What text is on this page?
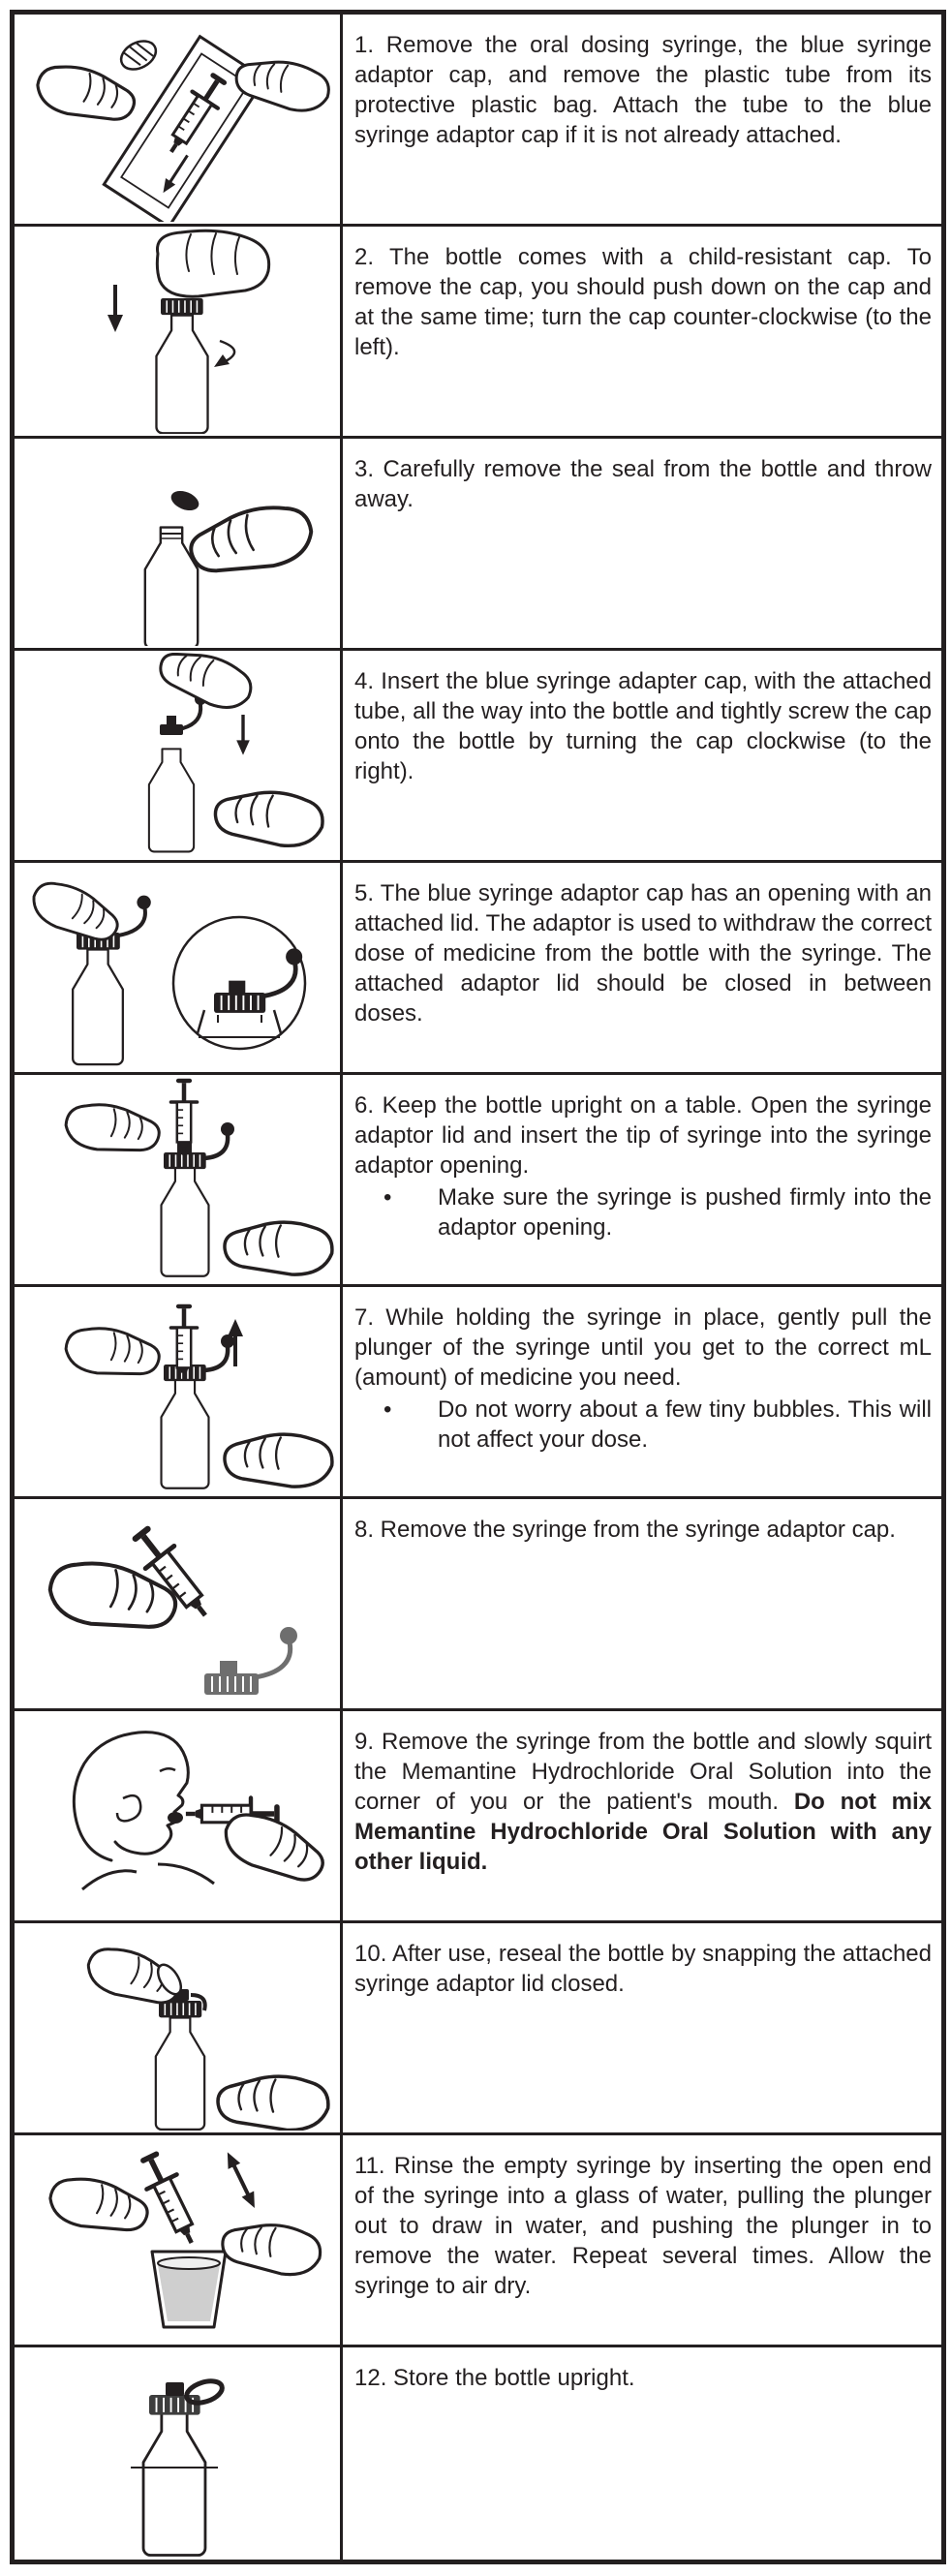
1. Remove the oral dosing syringe, the blue syringe adaptor cap, and remove the plastic tube from its protective plastic bag. Attach the tube to the blue syringe adaptor cap if it is not already attached.

2. The bottle comes with a child-resistant cap. To remove the cap, you should push down on the cap and at the same time; turn the cap counter-clockwise (to the left).

3. Carefully remove the seal from the bottle and throw away.

4. Insert the blue syringe adapter cap, with the attached tube, all the way into the bottle and tightly screw the cap onto the bottle by turning the cap clockwise (to the right).

5. The blue syringe adaptor cap has an opening with an attached lid. The adaptor is used to withdraw the correct dose of medicine from the bottle with the syringe. The attached adaptor lid should be closed in between doses.

6. Keep the bottle upright on a table. Open the syringe adaptor lid and insert the tip of syringe into the syringe adaptor opening.

• Make sure the syringe is pushed firmly into the adaptor opening.

7. While holding the syringe in place, gently pull the plunger of the syringe until you get to the correct mL (amount) of medicine you need.

• Do not worry about a few tiny bubbles. This will not affect your dose.

8. Remove the syringe from the syringe adaptor cap.

9. Remove the syringe from the bottle and slowly squirt the Memantine Hydrochloride Oral Solution into the corner of you or the patient's mouth. Do not mix Memantine Hydrochloride Oral Solution with any other liquid.

10. After use, reseal the bottle by snapping the attached syringe adaptor lid closed.

11. Rinse the empty syringe by inserting the open end of the syringe into a glass of water, pulling the plunger out to draw in water, and pushing the plunger in to remove the water. Repeat several times. Allow the syringe to air dry.

12. Store the bottle upright.
